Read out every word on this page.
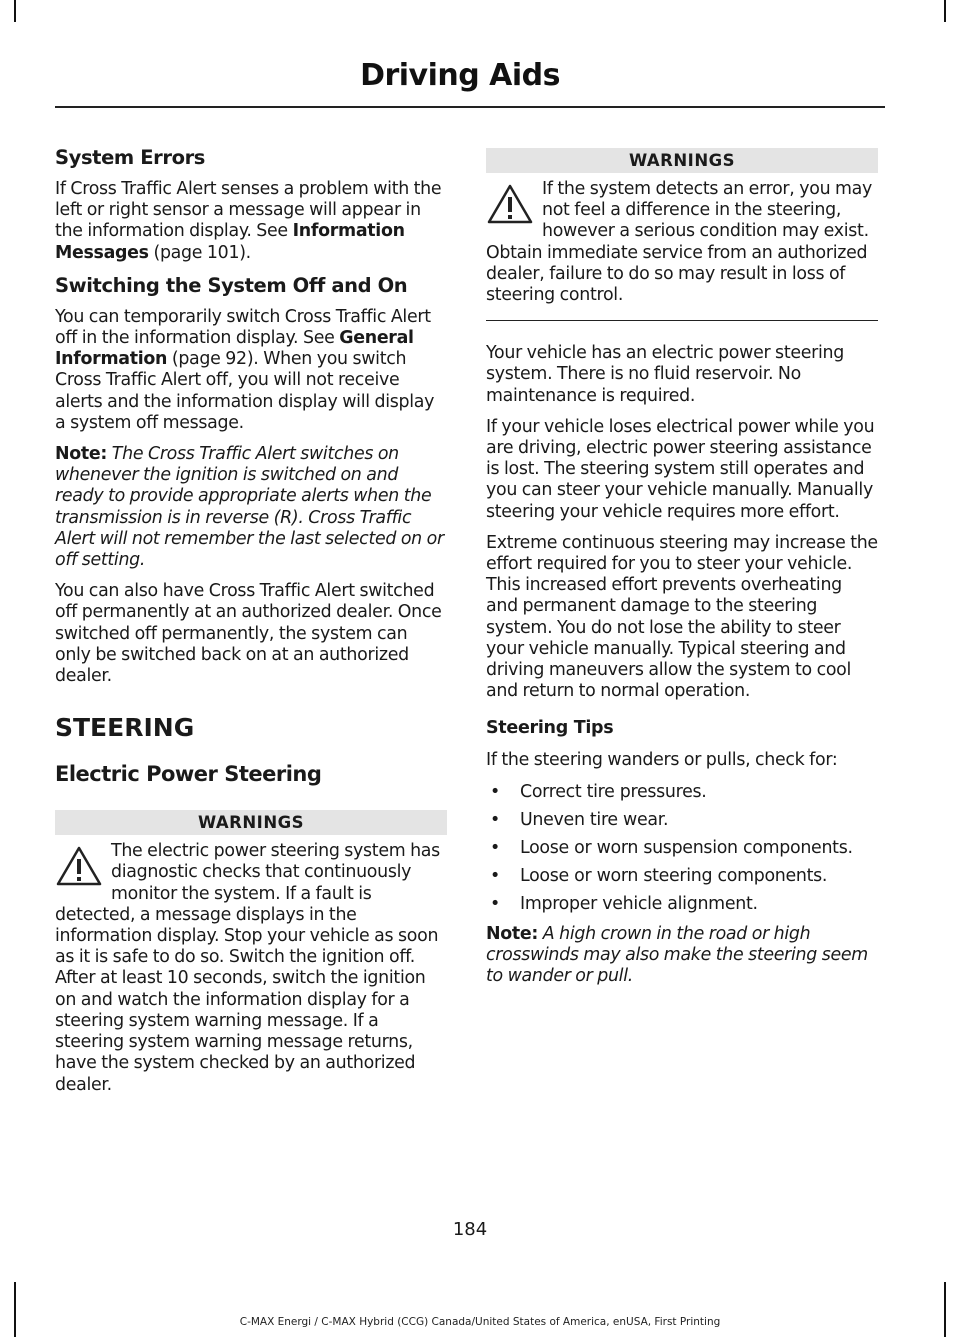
Driving Aids
System Errors

If Cross Traffic Alert senses a problem with the left or right sensor a message will appear in the information display. See Information Messages (page 101).

Switching the System Off and On

You can temporarily switch Cross Traffic Alert off in the information display. See General Information (page 92). When you switch Cross Traffic Alert off, you will not receive alerts and the information display will display a system off message.

Note: The Cross Traffic Alert switches on whenever the ignition is switched on and ready to provide appropriate alerts when the transmission is in reverse (R). Cross Traffic Alert will not remember the last selected on or off setting.

You can also have Cross Traffic Alert switched off permanently at an authorized dealer. Once switched off permanently, the system can only be switched back on at an authorized dealer.

STEERING
Electric Power Steering
WARNINGS
The electric power steering system has diagnostic checks that continuously monitor the system. If a fault is detected, a message displays in the information display. Stop your vehicle as soon as it is safe to do so. Switch the ignition off. After at least 10 seconds, switch the ignition on and watch the information display for a steering system warning message. If a steering system warning message returns, have the system checked by an authorized dealer.
WARNINGS
If the system detects an error, you may not feel a difference in the steering, however a serious condition may exist. Obtain immediate service from an authorized dealer, failure to do so may result in loss of steering control.

Your vehicle has an electric power steering system. There is no fluid reservoir. No maintenance is required.

If your vehicle loses electrical power while you are driving, electric power steering assistance is lost. The steering system still operates and you can steer your vehicle manually. Manually steering your vehicle requires more effort.

Extreme continuous steering may increase the effort required for you to steer your vehicle. This increased effort prevents overheating and permanent damage to the steering system. You do not lose the ability to steer your vehicle manually. Typical steering and driving maneuvers allow the system to cool and return to normal operation.

Steering Tips

If the steering wanders or pulls, check for:

• Correct tire pressures.
• Uneven tire wear.
• Loose or worn suspension components.
• Loose or worn steering components.
• Improper vehicle alignment.

Note: A high crown in the road or high crosswinds may also make the steering seem to wander or pull.

184
C-MAX Energi / C-MAX Hybrid (CCG) Canada/United States of America, enUSA, First Printing
